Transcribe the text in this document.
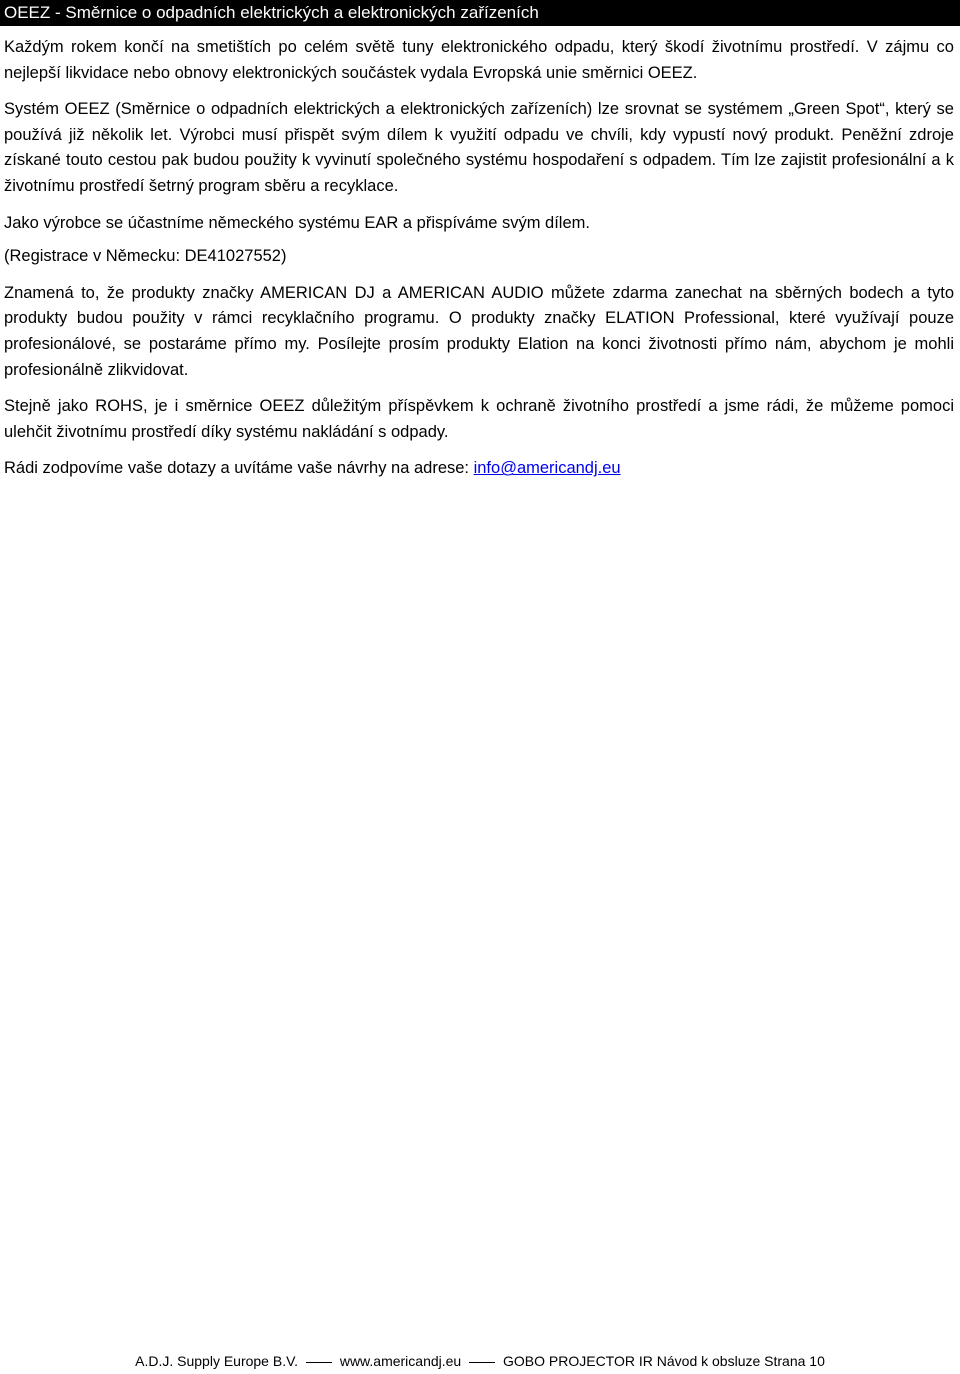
OEEZ - Směrnice o odpadních elektrických a elektronických zařízeních

Každým rokem končí na smetištích po celém světě tuny elektronického odpadu, který škodí životnímu prostředí. V zájmu co nejlepší likvidace nebo obnovy elektronických součástek vydala Evropská unie směrnici OEEZ.

Systém OEEZ (Směrnice o odpadních elektrických a elektronických zařízeních) lze srovnat se systémem „Green Spot“, který se používá již několik let. Výrobci musí přispět svým dílem k využití odpadu ve chvíli, kdy vypustí nový produkt. Peněžní zdroje získané touto cestou pak budou použity k vyvinutí společného systému hospodaření s odpadem. Tím lze zajistit profesionální a k životnímu prostředí šetrný program sběru a recyklace.

Jako výrobce se účastníme německého systému EAR a přispíváme svým dílem.

(Registrace v Německu: DE41027552)

Znamená to, že produkty značky AMERICAN DJ a AMERICAN AUDIO můžete zdarma zanechat na sběrných bodech a tyto produkty budou použity v rámci recyklačního programu. O produkty značky ELATION Professional, které využívají pouze profesionálové, se postaráme přímo my. Posílejte prosím produkty Elation na konci životnosti přímo nám, abychom je mohli profesionálně zlikvidovat.

Stejně jako ROHS, je i směrnice OEEZ důležitým příspěvkem k ochraně životního prostředí a jsme rádi, že můžeme pomoci ulehčit životnímu prostředí díky systému nakládání s odpady.

Rádi zodpovíme vaše dotazy a uvítáme vaše návrhy na adrese: info@americandj.eu

A.D.J. Supply Europe B.V.	www.americandj.eu	GOBO PROJECTOR IR Návod k obsluze Strana 10
